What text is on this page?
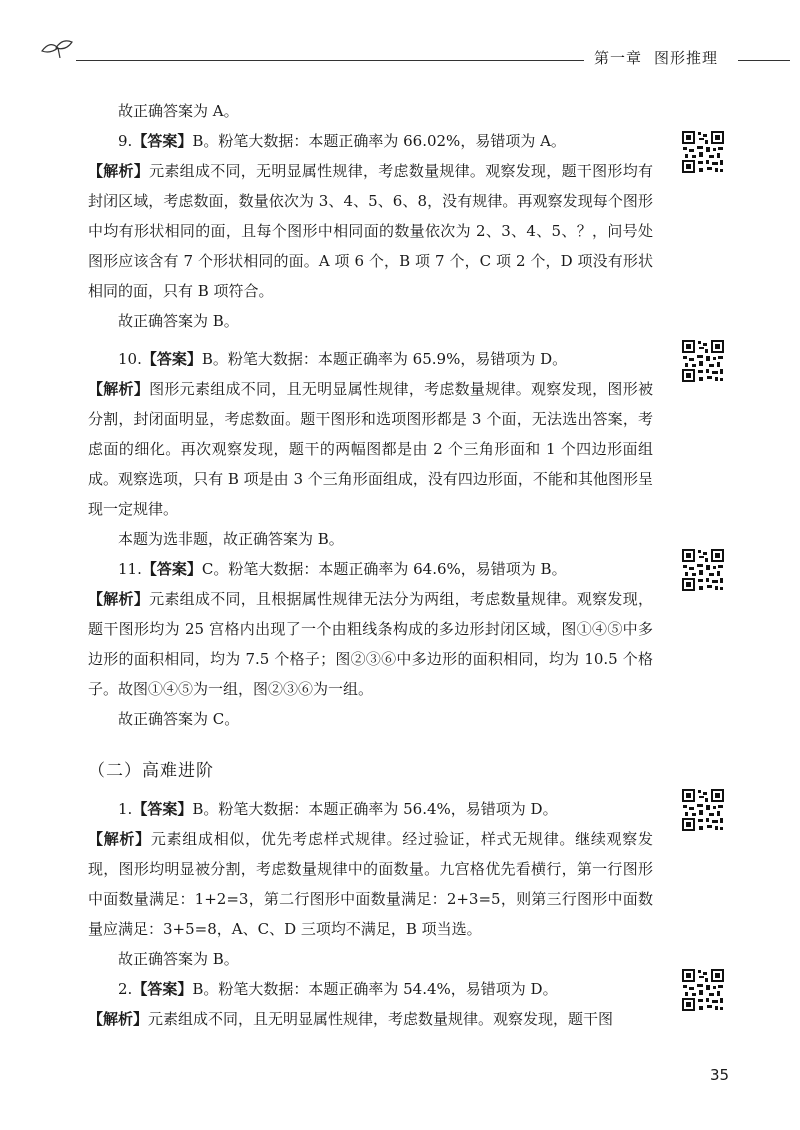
第一章 图形推理

故正确答案为 A。

9.【答案】B。粉笔大数据：本题正确率为 66.02%，易错项为 A。

【解析】元素组成不同，无明显属性规律，考虑数量规律。观察发现，题干图形均有封闭区域，考虑数面，数量依次为 3、4、5、6、8，没有规律。再观察发现每个图形中均有形状相同的面，且每个图形中相同面的数量依次为 2、3、4、5、？，问号处图形应该含有 7 个形状相同的面。A 项 6 个，B 项 7 个，C 项 2 个，D 项没有形状相同的面，只有 B 项符合。

故正确答案为 B。

10.【答案】B。粉笔大数据：本题正确率为 65.9%，易错项为 D。

【解析】图形元素组成不同，且无明显属性规律，考虑数量规律。观察发现，图形被分割，封闭面明显，考虑数面。题干图形和选项图形都是 3 个面，无法选出答案，考虑面的细化。再次观察发现，题干的两幅图都是由 2 个三角形面和 1 个四边形面组成。观察选项，只有 B 项是由 3 个三角形面组成，没有四边形面，不能和其他图形呈现一定规律。

本题为选非题，故正确答案为 B。

11.【答案】C。粉笔大数据：本题正确率为 64.6%，易错项为 B。

【解析】元素组成不同，且根据属性规律无法分为两组，考虑数量规律。观察发现，题干图形均为 25 宫格内出现了一个由粗线条构成的多边形封闭区域，图①④⑤中多边形的面积相同，均为 7.5 个格子；图②③⑥中多边形的面积相同，均为 10.5 个格子。故图①④⑤为一组，图②③⑥为一组。

故正确答案为 C。

（二）高难进阶

1.【答案】B。粉笔大数据：本题正确率为 56.4%，易错项为 D。

【解析】元素组成相似，优先考虑样式规律。经过验证，样式无规律。继续观察发现，图形均明显被分割，考虑数量规律中的面数量。九宫格优先看横行，第一行图形中面数量满足：1+2=3，第二行图形中面数量满足：2+3=5，则第三行图形中面数量应满足：3+5=8，A、C、D 三项均不满足，B 项当选。

故正确答案为 B。

2.【答案】B。粉笔大数据：本题正确率为 54.4%，易错项为 D。

【解析】元素组成不同，且无明显属性规律，考虑数量规律。观察发现，题干图

35
